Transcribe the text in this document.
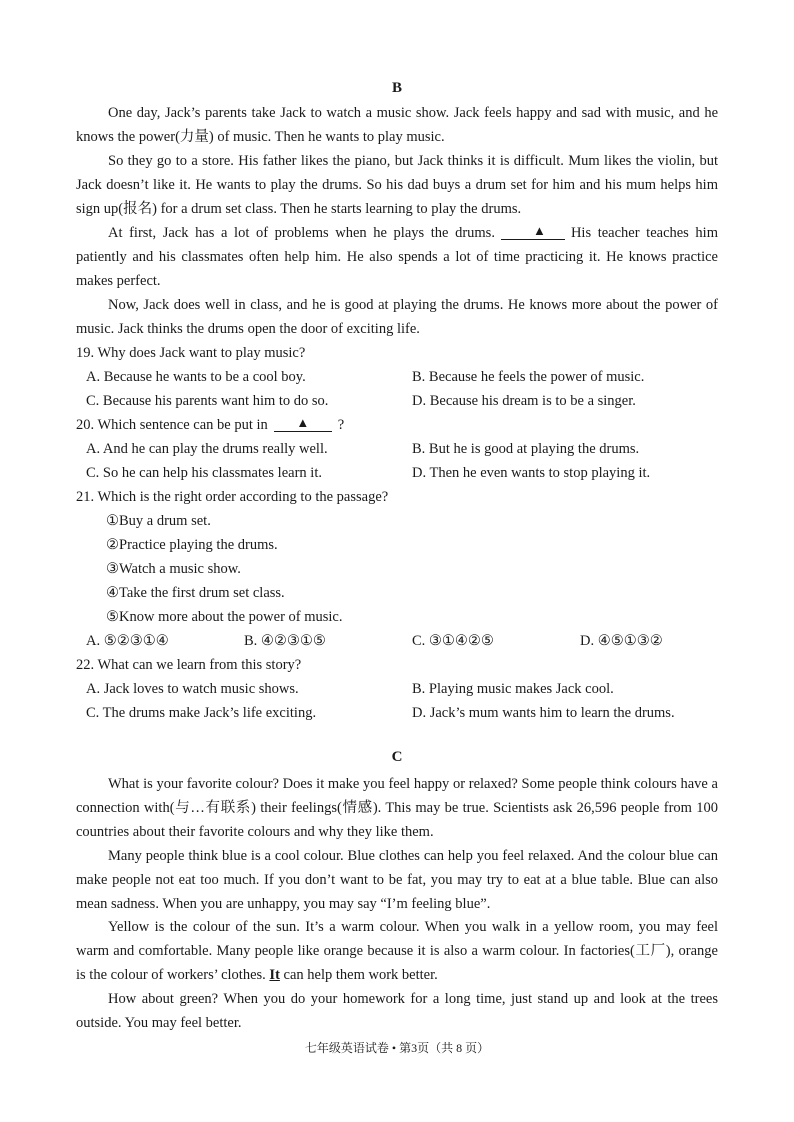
B
One day, Jack’s parents take Jack to watch a music show. Jack feels happy and sad with music, and he knows the power(力量) of music. Then he wants to play music.
So they go to a store. His father likes the piano, but Jack thinks it is difficult. Mum likes the violin, but Jack doesn’t like it. He wants to play the drums. So his dad buys a drum set for him and his mum helps him sign up(报名) for a drum set class. Then he starts learning to play the drums.
At first, Jack has a lot of problems when he plays the drums.	▲ His teacher teaches him patiently and his classmates often help him. He also spends a lot of time practicing it. He knows practice makes perfect.
Now, Jack does well in class, and he is good at playing the drums. He knows more about the power of music. Jack thinks the drums open the door of exciting life.
19. Why does Jack want to play music?
A. Because he wants to be a cool boy.	B. Because he feels the power of music.
C. Because his parents want him to do so.	D. Because his dream is to be a singer.
20. Which sentence can be put in ▲ ?
A. And he can play the drums really well.	B. But he is good at playing the drums.
C. So he can help his classmates learn it.	D. Then he even wants to stop playing it.
21. Which is the right order according to the passage?
①Buy a drum set.
②Practice playing the drums.
③Watch a music show.
④Take the first drum set class.
⑤Know more about the power of music.
A. ⑤②③①④	B. ④②③①⑤	C. ③①④②⑤	D. ④⑤①③②
22. What can we learn from this story?
A. Jack loves to watch music shows.	B. Playing music makes Jack cool.
C. The drums make Jack’s life exciting.	D. Jack’s mum wants him to learn the drums.
C
What is your favorite colour? Does it make you feel happy or relaxed? Some people think colours have a connection with(与…有联系) their feelings(情感). This may be true. Scientists ask 26,596 people from 100 countries about their favorite colours and why they like them.
Many people think blue is a cool colour. Blue clothes can help you feel relaxed. And the colour blue can make people not eat too much. If you don’t want to be fat, you may try to eat at a blue table. Blue can also mean sadness. When you are unhappy, you may say “I’m feeling blue”.
Yellow is the colour of the sun. It’s a warm colour. When you walk in a yellow room, you may feel warm and comfortable. Many people like orange because it is also a warm colour. In factories(工厂), orange is the colour of workers’ clothes. It can help them work better.
How about green? When you do your homework for a long time, just stand up and look at the trees outside. You may feel better.
七年级英语试卷 • 第3页（共 8 页）
